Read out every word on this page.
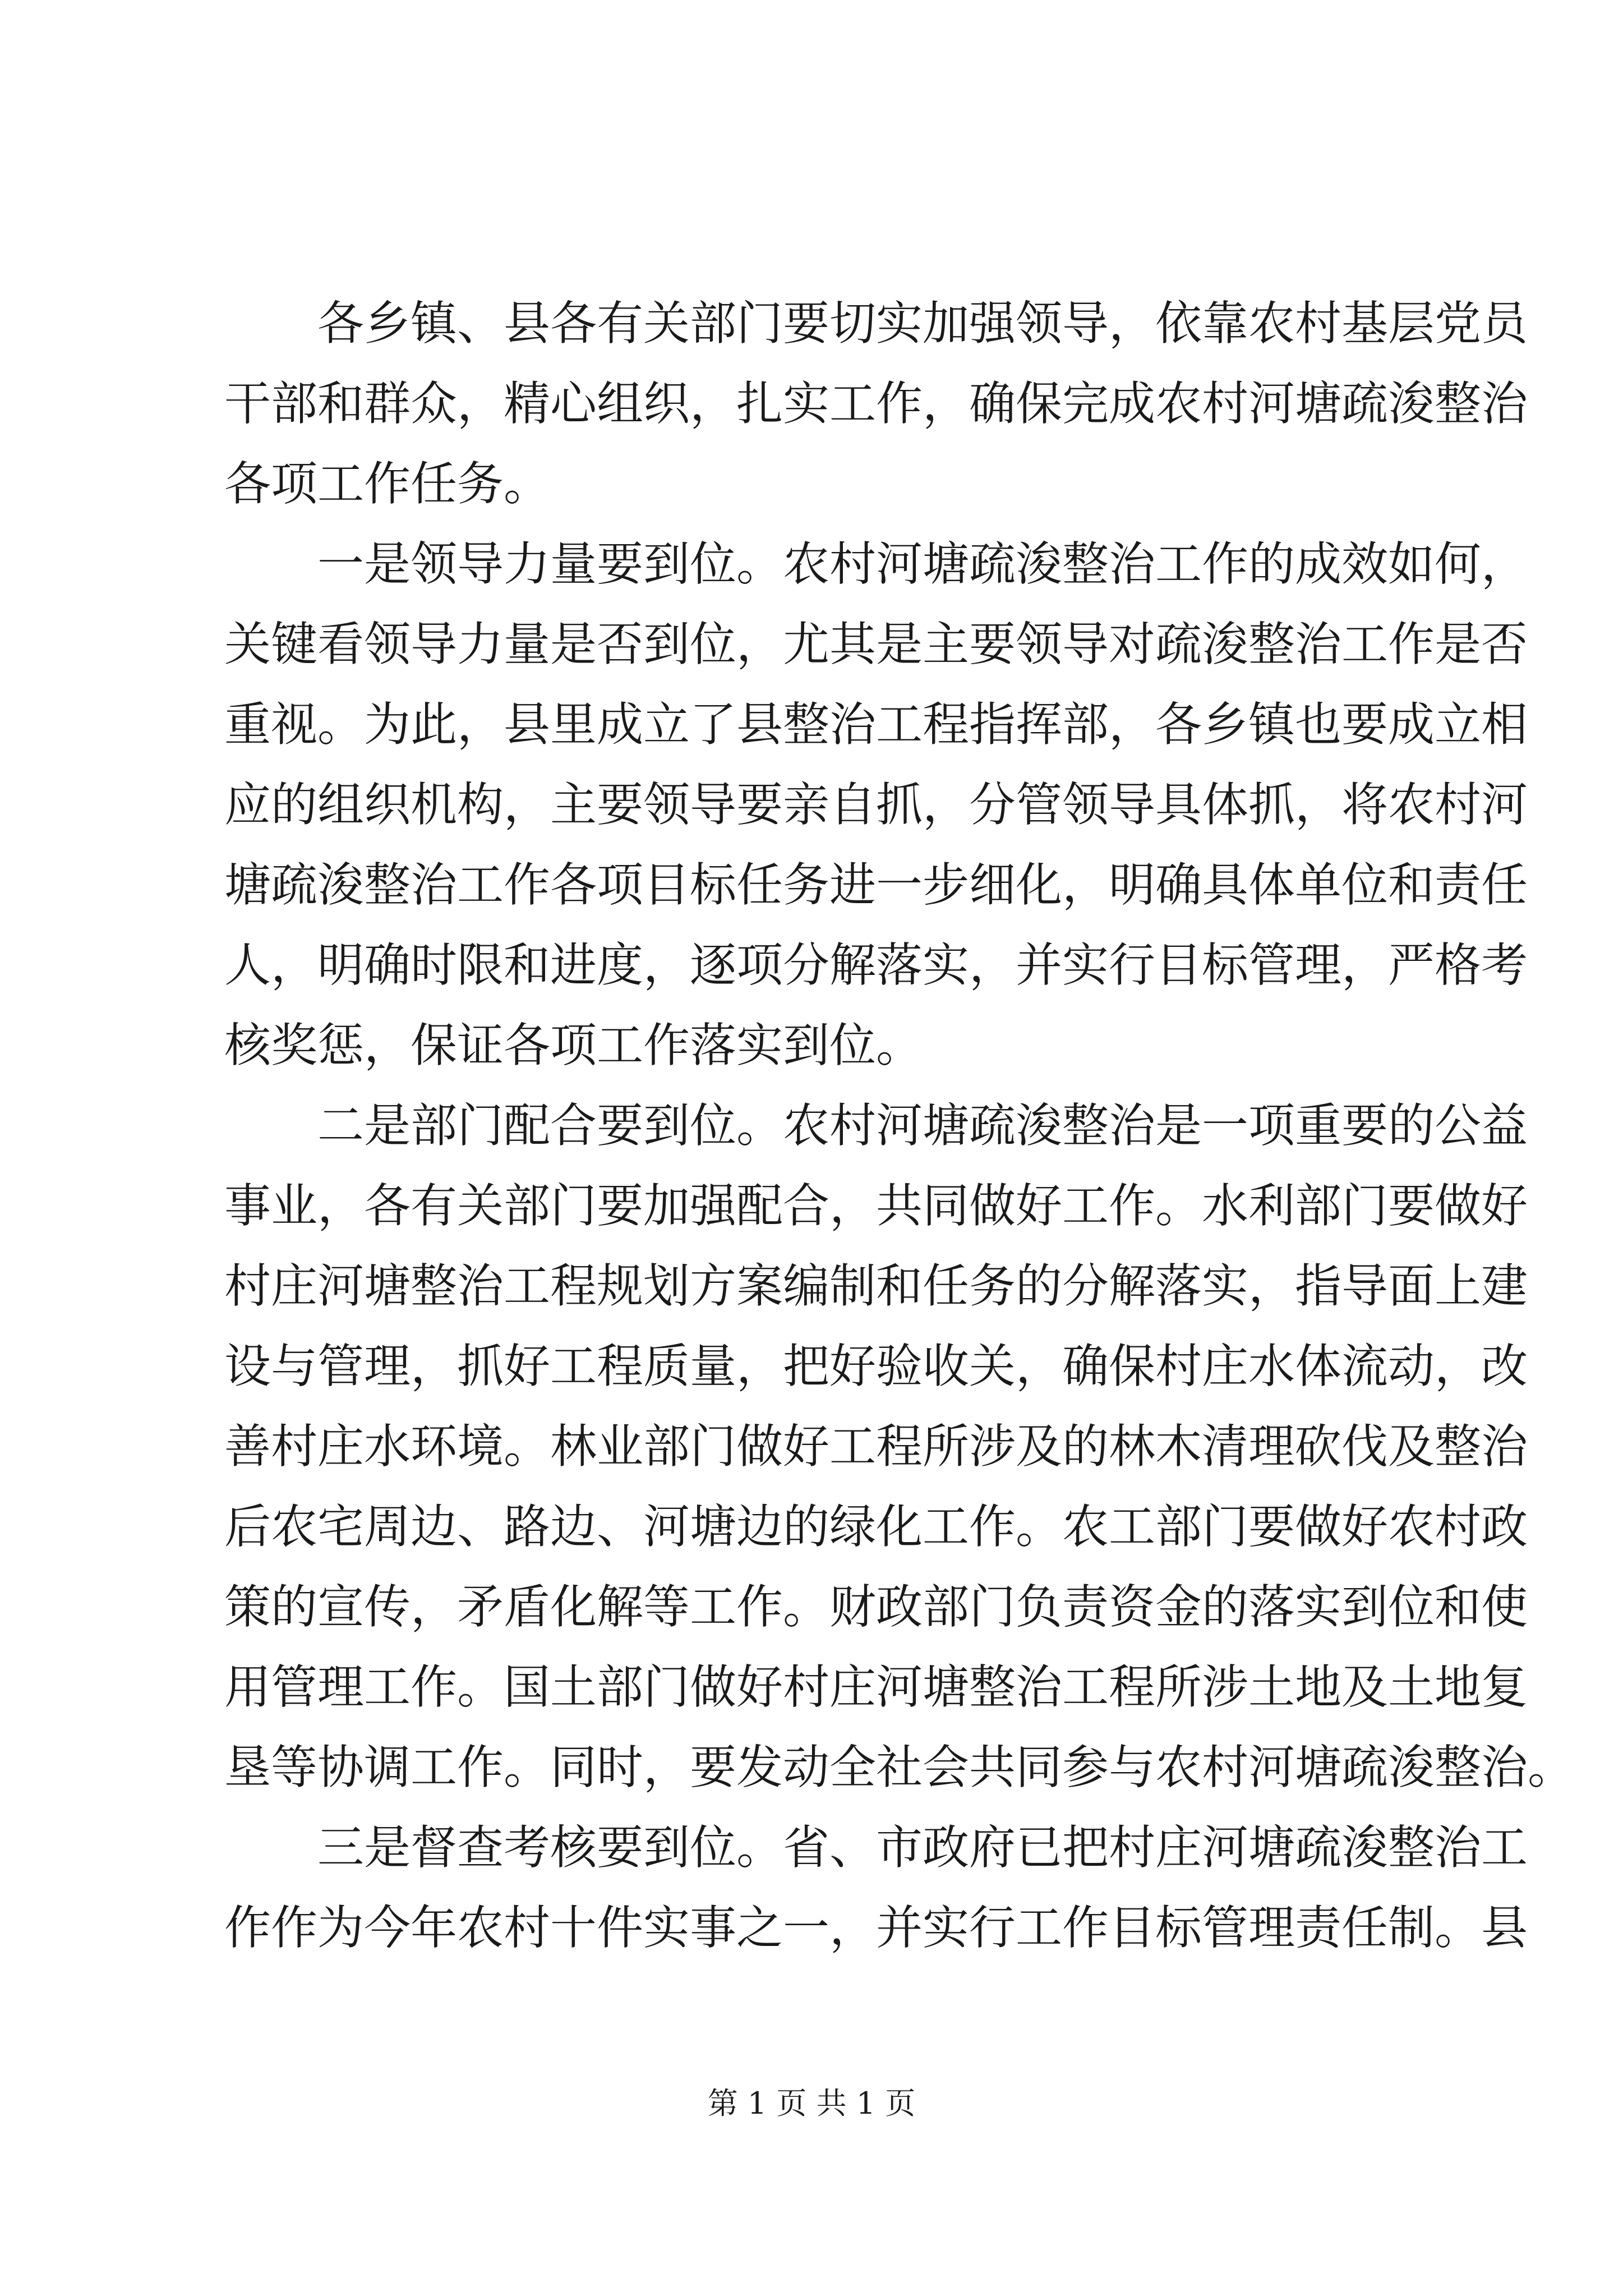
各乡镇、县各有关部门要切实加强领导，依靠农村基层党员
干部和群众，精心组织，扎实工作，确保完成农村河塘疏浚整治
各项工作任务。
一是领导力量要到位。农村河塘疏浚整治工作的成效如何，
关键看领导力量是否到位，尤其是主要领导对疏浚整治工作是否
重视。为此，县里成立了县整治工程指挥部，各乡镇也要成立相
应的组织机构，主要领导要亲自抓，分管领导具体抓，将农村河
塘疏浚整治工作各项目标任务进一步细化，明确具体单位和责任
人，明确时限和进度，逐项分解落实，并实行目标管理，严格考
核奖惩，保证各项工作落实到位。
二是部门配合要到位。农村河塘疏浚整治是一项重要的公益
事业，各有关部门要加强配合，共同做好工作。水利部门要做好
村庄河塘整治工程规划方案编制和任务的分解落实，指导面上建
设与管理，抓好工程质量，把好验收关，确保村庄水体流动，改
善村庄水环境。林业部门做好工程所涉及的林木清理砍伐及整治
后农宅周边、路边、河塘边的绿化工作。农工部门要做好农村政
策的宣传，矛盾化解等工作。财政部门负责资金的落实到位和使
用管理工作。国土部门做好村庄河塘整治工程所涉土地及土地复
垦等协调工作。同时，要发动全社会共同参与农村河塘疏浚整治。
三是督查考核要到位。省、市政府已把村庄河塘疏浚整治工
作作为今年农村十件实事之一，并实行工作目标管理责任制。县
第 1 页 共 1 页
